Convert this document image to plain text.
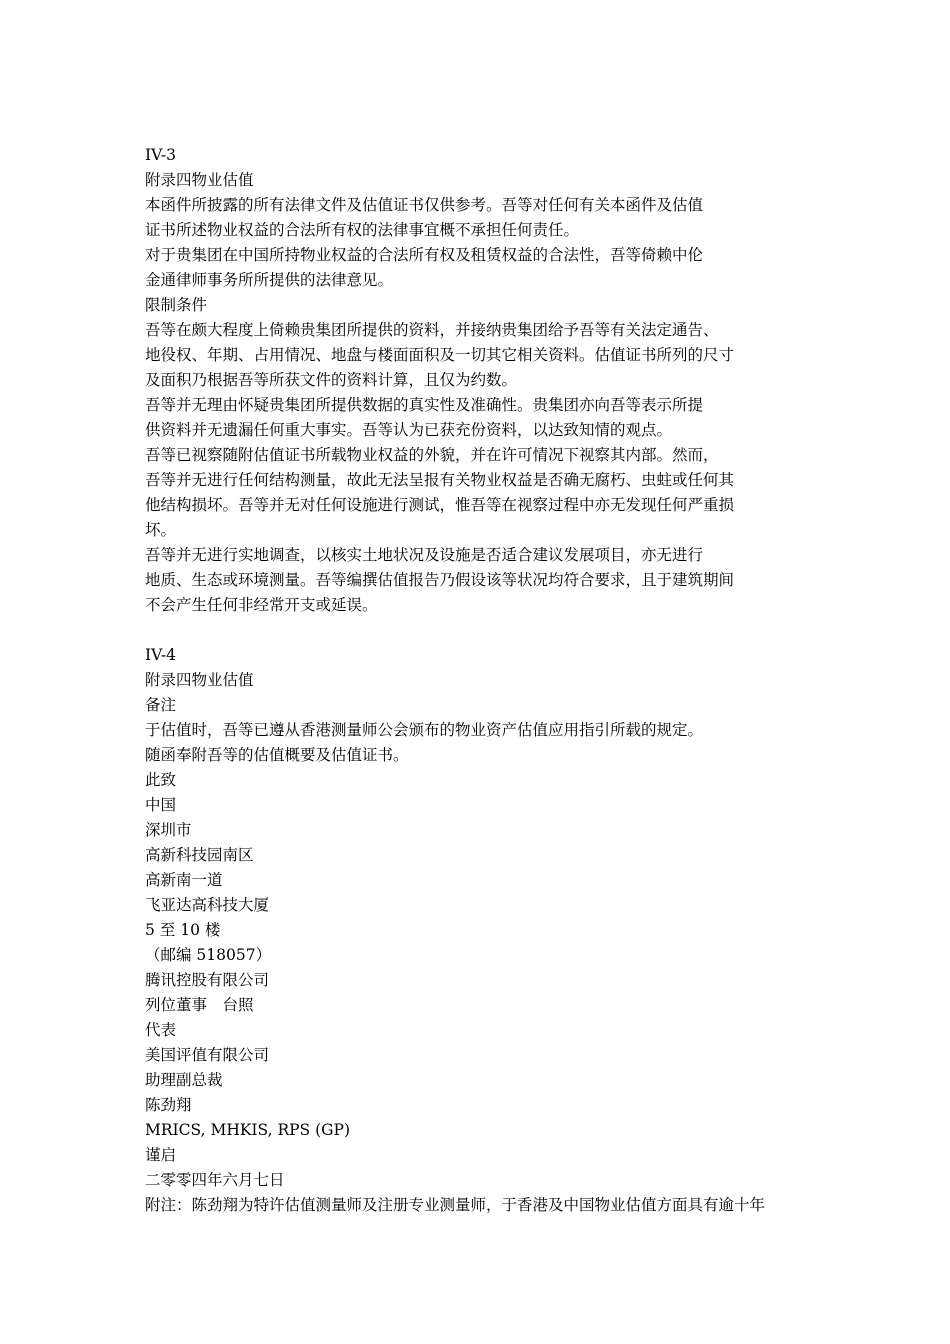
IV-3
附录四物业估值
本函件所披露的所有法律文件及估值证书仅供参考。吾等对任何有关本函件及估值
证书所述物业权益的合法所有权的法律事宜概不承担任何责任。
对于贵集团在中国所持物业权益的合法所有权及租赁权益的合法性，吾等倚赖中伦
金通律师事务所所提供的法律意见。
限制条件
吾等在颇大程度上倚赖贵集团所提供的资料，并接纳贵集团给予吾等有关法定通告、
地役权、年期、占用情况、地盘与楼面面积及一切其它相关资料。估值证书所列的尺寸
及面积乃根据吾等所获文件的资料计算，且仅为约数。
吾等并无理由怀疑贵集团所提供数据的真实性及准确性。贵集团亦向吾等表示所提
供资料并无遗漏任何重大事实。吾等认为已获充份资料，以达致知情的观点。
吾等已视察随附估值证书所载物业权益的外貌，并在许可情况下视察其内部。然而，
吾等并无进行任何结构测量，故此无法呈报有关物业权益是否确无腐朽、虫蛀或任何其
他结构损坏。吾等并无对任何设施进行测试，惟吾等在视察过程中亦无发现任何严重损
坏。
吾等并无进行实地调查，以核实土地状况及设施是否适合建议发展项目，亦无进行
地质、生态或环境测量。吾等编撰估值报告乃假设该等状况均符合要求，且于建筑期间
不会产生任何非经常开支或延误。
IV-4
附录四物业估值
备注
于估值时，吾等已遵从香港测量师公会颁布的物业资产估值应用指引所载的规定。
随函奉附吾等的估值概要及估值证书。
此致
中国
深圳市
高新科技园南区
高新南一道
飞亚达高科技大厦
5 至 10 楼
（邮编 518057）
腾讯控股有限公司
列位董事　台照
代表
美国评值有限公司
助理副总裁
陈劲翔
MRICS, MHKIS, RPS (GP)
谨启
二零零四年六月七日
附注：陈劲翔为特许估值测量师及注册专业测量师，于香港及中国物业估值方面具有逾十年
